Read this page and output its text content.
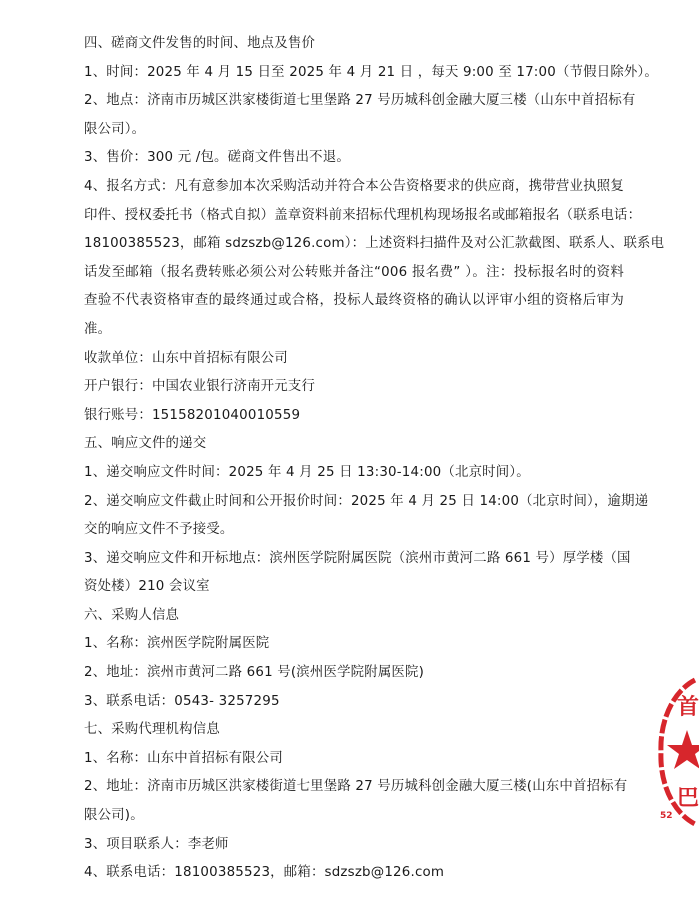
四、磋商文件发售的时间、地点及售价
1、时间：2025 年 4 月 15 日至 2025 年 4 月 21 日 ，每天 9:00 至 17:00（节假日除外）。
2、地点：济南市历城区洪家楼街道七里堡路 27 号历城科创金融大厦三楼（山东中首招标有
限公司）。
3、售价：300 元 /包。磋商文件售出不退。
4、报名方式：凡有意参加本次采购活动并符合本公告资格要求的供应商，携带营业执照复
印件、授权委托书（格式自拟）盖章资料前来招标代理机构现场报名或邮箱报名（联系电话：
18100385523，邮箱 sdzszb@126.com）：上述资料扫描件及对公汇款截图、联系人、联系电
话发至邮箱（报名费转账必须公对公转账并备注“006 报名费” ）。注：投标报名时的资料
查验不代表资格审查的最终通过或合格，投标人最终资格的确认以评审小组的资格后审为
准。
收款单位：山东中首招标有限公司
开户银行：中国农业银行济南开元支行
银行账号：15158201040010559
五、响应文件的递交
1、递交响应文件时间：2025 年 4 月 25 日 13:30-14:00（北京时间）。
2、递交响应文件截止时间和公开报价时间：2025 年 4 月 25 日 14:00（北京时间），逾期递
交的响应文件不予接受。
3、递交响应文件和开标地点：滨州医学院附属医院（滨州市黄河二路 661 号）厚学楼（国
资处楼）210 会议室
六、采购人信息
1、名称：滨州医学院附属医院
2、地址：滨州市黄河二路 661 号(滨州医学院附属医院)
3、联系电话：0543- 3257295
七、采购代理机构信息
1、名称：山东中首招标有限公司
2、地址：济南市历城区洪家楼街道七里堡路 27 号历城科创金融大厦三楼(山东中首招标有
限公司)。
3、项目联系人：李老师
4、联系电话：18100385523，邮箱：sdzszb@126.com
首
巴
52
